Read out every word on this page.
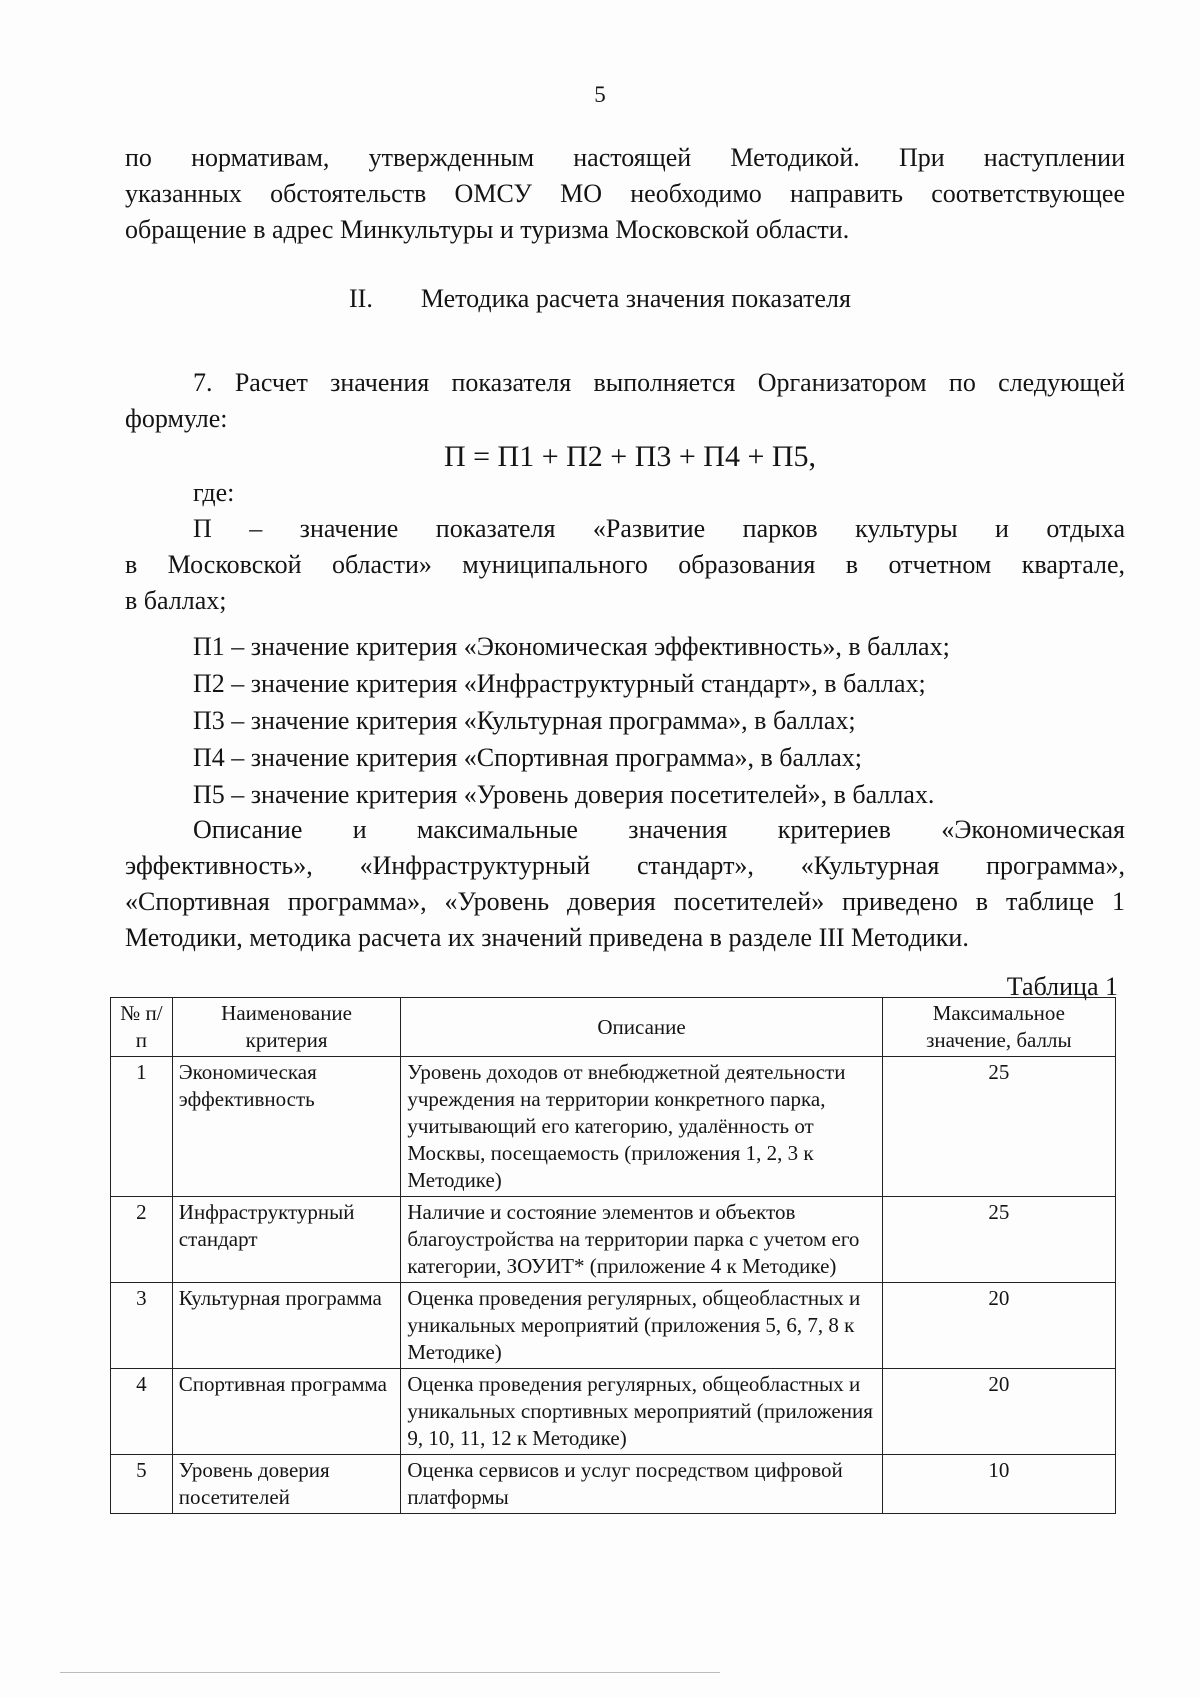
5
по нормативам, утвержденным настоящей Методикой. При наступлении
указанных обстоятельств ОМСУ МО необходимо направить соответствующее
обращение в адрес Минкультуры и туризма Московской области.
II. Методика расчета значения показателя
7. Расчет значения показателя выполняется Организатором по следующей
формуле:
П = П1 + П2 + П3 + П4 + П5,
где:
П – значение показателя «Развитие парков культуры и отдыха
в Московской области» муниципального образования в отчетном квартале,
в баллах;
П1 – значение критерия «Экономическая эффективность», в баллах;
П2 – значение критерия «Инфраструктурный стандарт», в баллах;
П3 – значение критерия «Культурная программа», в баллах;
П4 – значение критерия «Спортивная программа», в баллах;
П5 – значение критерия «Уровень доверия посетителей», в баллах.
Описание и максимальные значения критериев «Экономическая
эффективность», «Инфраструктурный стандарт», «Культурная программа»,
«Спортивная программа», «Уровень доверия посетителей» приведено в таблице 1
Методики, методика расчета их значений приведена в разделе III Методики.
Таблица 1
№ п/п	Наименование критерия	Описание	Максимальное значение, баллы
1	Экономическая эффективность	Уровень доходов от внебюджетной деятельности учреждения на территории конкретного парка, учитывающий его категорию, удалённость от Москвы, посещаемость (приложения 1, 2, 3 к Методике)	25
2	Инфраструктурный стандарт	Наличие и состояние элементов и объектов благоустройства на территории парка с учетом его категории, ЗОУИТ* (приложение 4 к Методике)	25
3	Культурная программа	Оценка проведения регулярных, общеобластных и уникальных мероприятий (приложения 5, 6, 7, 8 к Методике)	20
4	Спортивная программа	Оценка проведения регулярных, общеобластных и уникальных спортивных мероприятий (приложения 9, 10, 11, 12 к Методике)	20
5	Уровень доверия посетителей	Оценка сервисов и услуг посредством цифровой платформы	10
